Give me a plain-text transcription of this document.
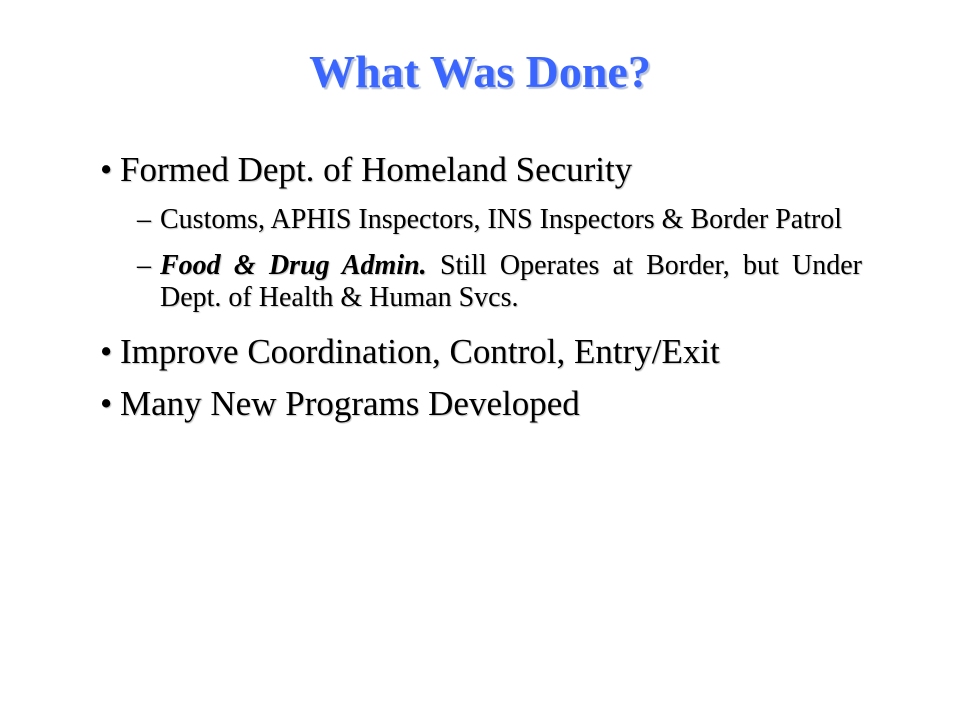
What Was Done?
• Formed Dept. of Homeland Security
– Customs, APHIS Inspectors, INS Inspectors & Border Patrol
– Food & Drug Admin. Still Operates at Border, but Under Dept. of Health & Human Svcs.
• Improve Coordination, Control, Entry/Exit
• Many New Programs Developed
